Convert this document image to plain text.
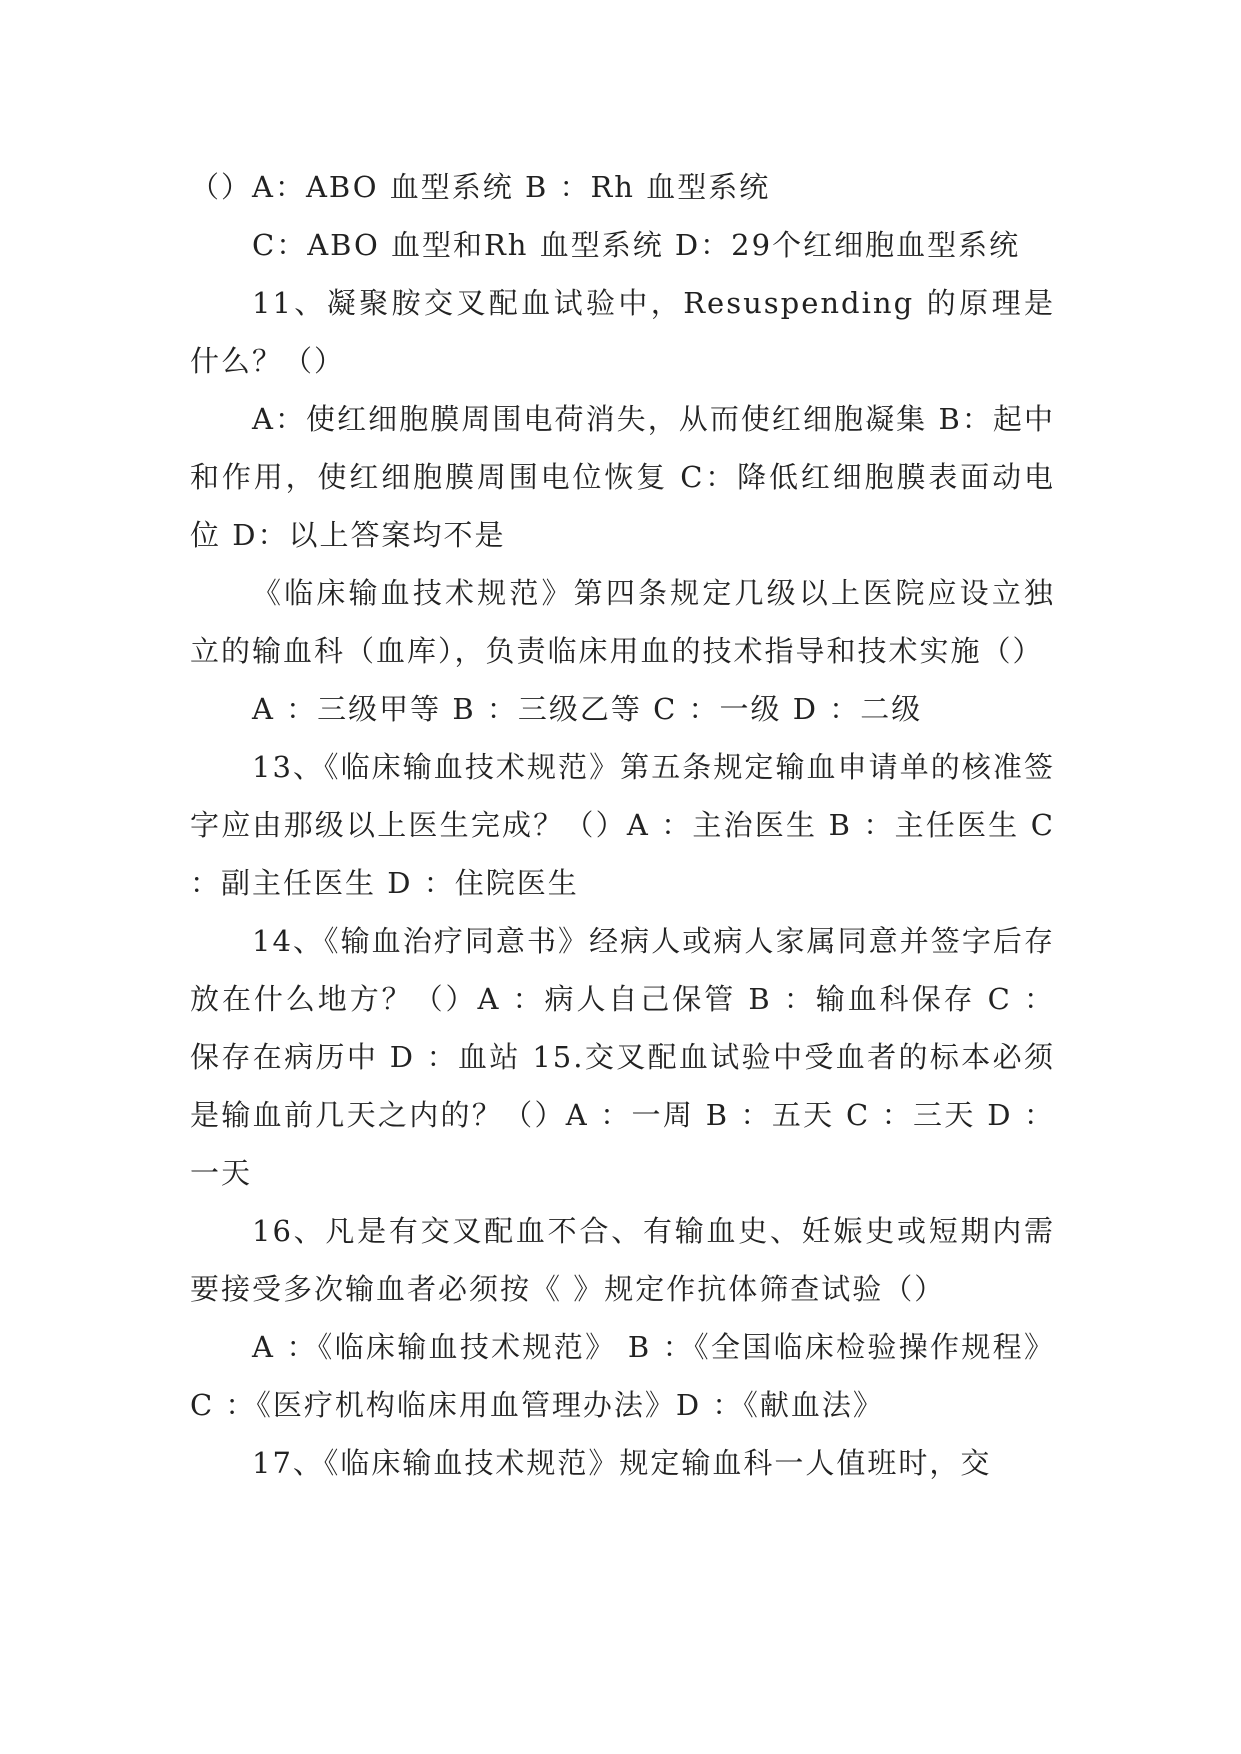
（）A：ABO 血型系统 B ：Rh 血型系统

C：ABO 血型和Rh 血型系统 D：29个红细胞血型系统

11、凝聚胺交叉配血试验中，Resuspending 的原理是什么？（）

A：使红细胞膜周围电荷消失，从而使红细胞凝集 B：起中和作用，使红细胞膜周围电位恢复 C：降低红细胞膜表面动电位 D：以上答案均不是

《临床输血技术规范》第四条规定几级以上医院应设立独立的输血科（血库），负责临床用血的技术指导和技术实施（）

A ：三级甲等 B ：三级乙等 C ：一级 D ：二级

13、《临床输血技术规范》第五条规定输血申请单的核准签字应由那级以上医生完成？（）A ：主治医生 B ：主任医生 C ：副主任医生 D ：住院医生

14、《输血治疗同意书》经病人或病人家属同意并签字后存放在什么地方？（）A ：病人自己保管 B ：输血科保存 C ：保存在病历中 D ：血站 15.交叉配血试验中受血者的标本必须是输血前几天之内的？（）A ：一周 B ：五天 C ：三天 D ：一天

16、凡是有交叉配血不合、有输血史、妊娠史或短期内需要接受多次输血者必须按《 》规定作抗体筛查试验（）

A ：《临床输血技术规范》 B ：《全国临床检验操作规程》 C ：《医疗机构临床用血管理办法》D ：《献血法》

17、《临床输血技术规范》规定输血科一人值班时，交
